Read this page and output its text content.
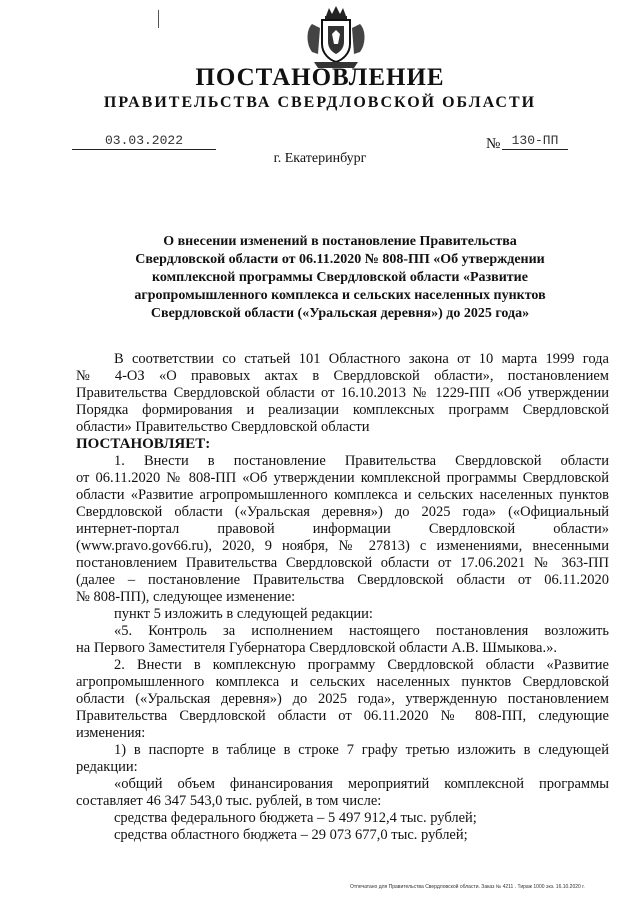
ПОСТАНОВЛЕНИЕ
ПРАВИТЕЛЬСТВА СВЕРДЛОВСКОЙ ОБЛАСТИ
03.03.2022	№ 130-ПП
г. Екатеринбург
О внесении изменений в постановление Правительства
Свердловской области от 06.11.2020 № 808-ПП «Об утверждении
комплексной программы Свердловской области «Развитие
агропромышленного комплекса и сельских населенных пунктов
Свердловской области («Уральская деревня») до 2025 года»
В соответствии со статьей 101 Областного закона от 10 марта 1999 года
№ 4-ОЗ «О правовых актах в Свердловской области», постановлением
Правительства Свердловской области от 16.10.2013 № 1229-ПП «Об утверждении
Порядка формирования и реализации комплексных программ Свердловской
области» Правительство Свердловской области
ПОСТАНОВЛЯЕТ:
1. Внести в постановление Правительства Свердловской области
от 06.11.2020 № 808-ПП «Об утверждении комплексной программы Свердловской
области «Развитие агропромышленного комплекса и сельских населенных пунктов
Свердловской области («Уральская деревня») до 2025 года» («Официальный
интернет-портал правовой информации Свердловской области»
(www.pravo.gov66.ru), 2020, 9 ноября, № 27813) с изменениями, внесенными
постановлением Правительства Свердловской области от 17.06.2021 № 363-ПП
(далее – постановление Правительства Свердловской области от 06.11.2020
№ 808-ПП), следующее изменение:
пункт 5 изложить в следующей редакции:
«5. Контроль за исполнением настоящего постановления возложить
на Первого Заместителя Губернатора Свердловской области А.В. Шмыкова.».
2. Внести в комплексную программу Свердловской области «Развитие
агропромышленного комплекса и сельских населенных пунктов Свердловской
области («Уральская деревня») до 2025 года», утвержденную постановлением
Правительства Свердловской области от 06.11.2020 № 808-ПП, следующие
изменения:
1) в паспорте в таблице в строке 7 графу третью изложить в следующей
редакции:
«общий объем финансирования мероприятий комплексной программы
составляет 46 347 543,0 тыс. рублей, в том числе:
средства федерального бюджета – 5 497 912,4 тыс. рублей;
средства областного бюджета – 29 073 677,0 тыс. рублей;
Отпечатано для Правительства Свердловской области. Заказ № 4211 . Тираж 1000 экз. 16.10.2020 г.
